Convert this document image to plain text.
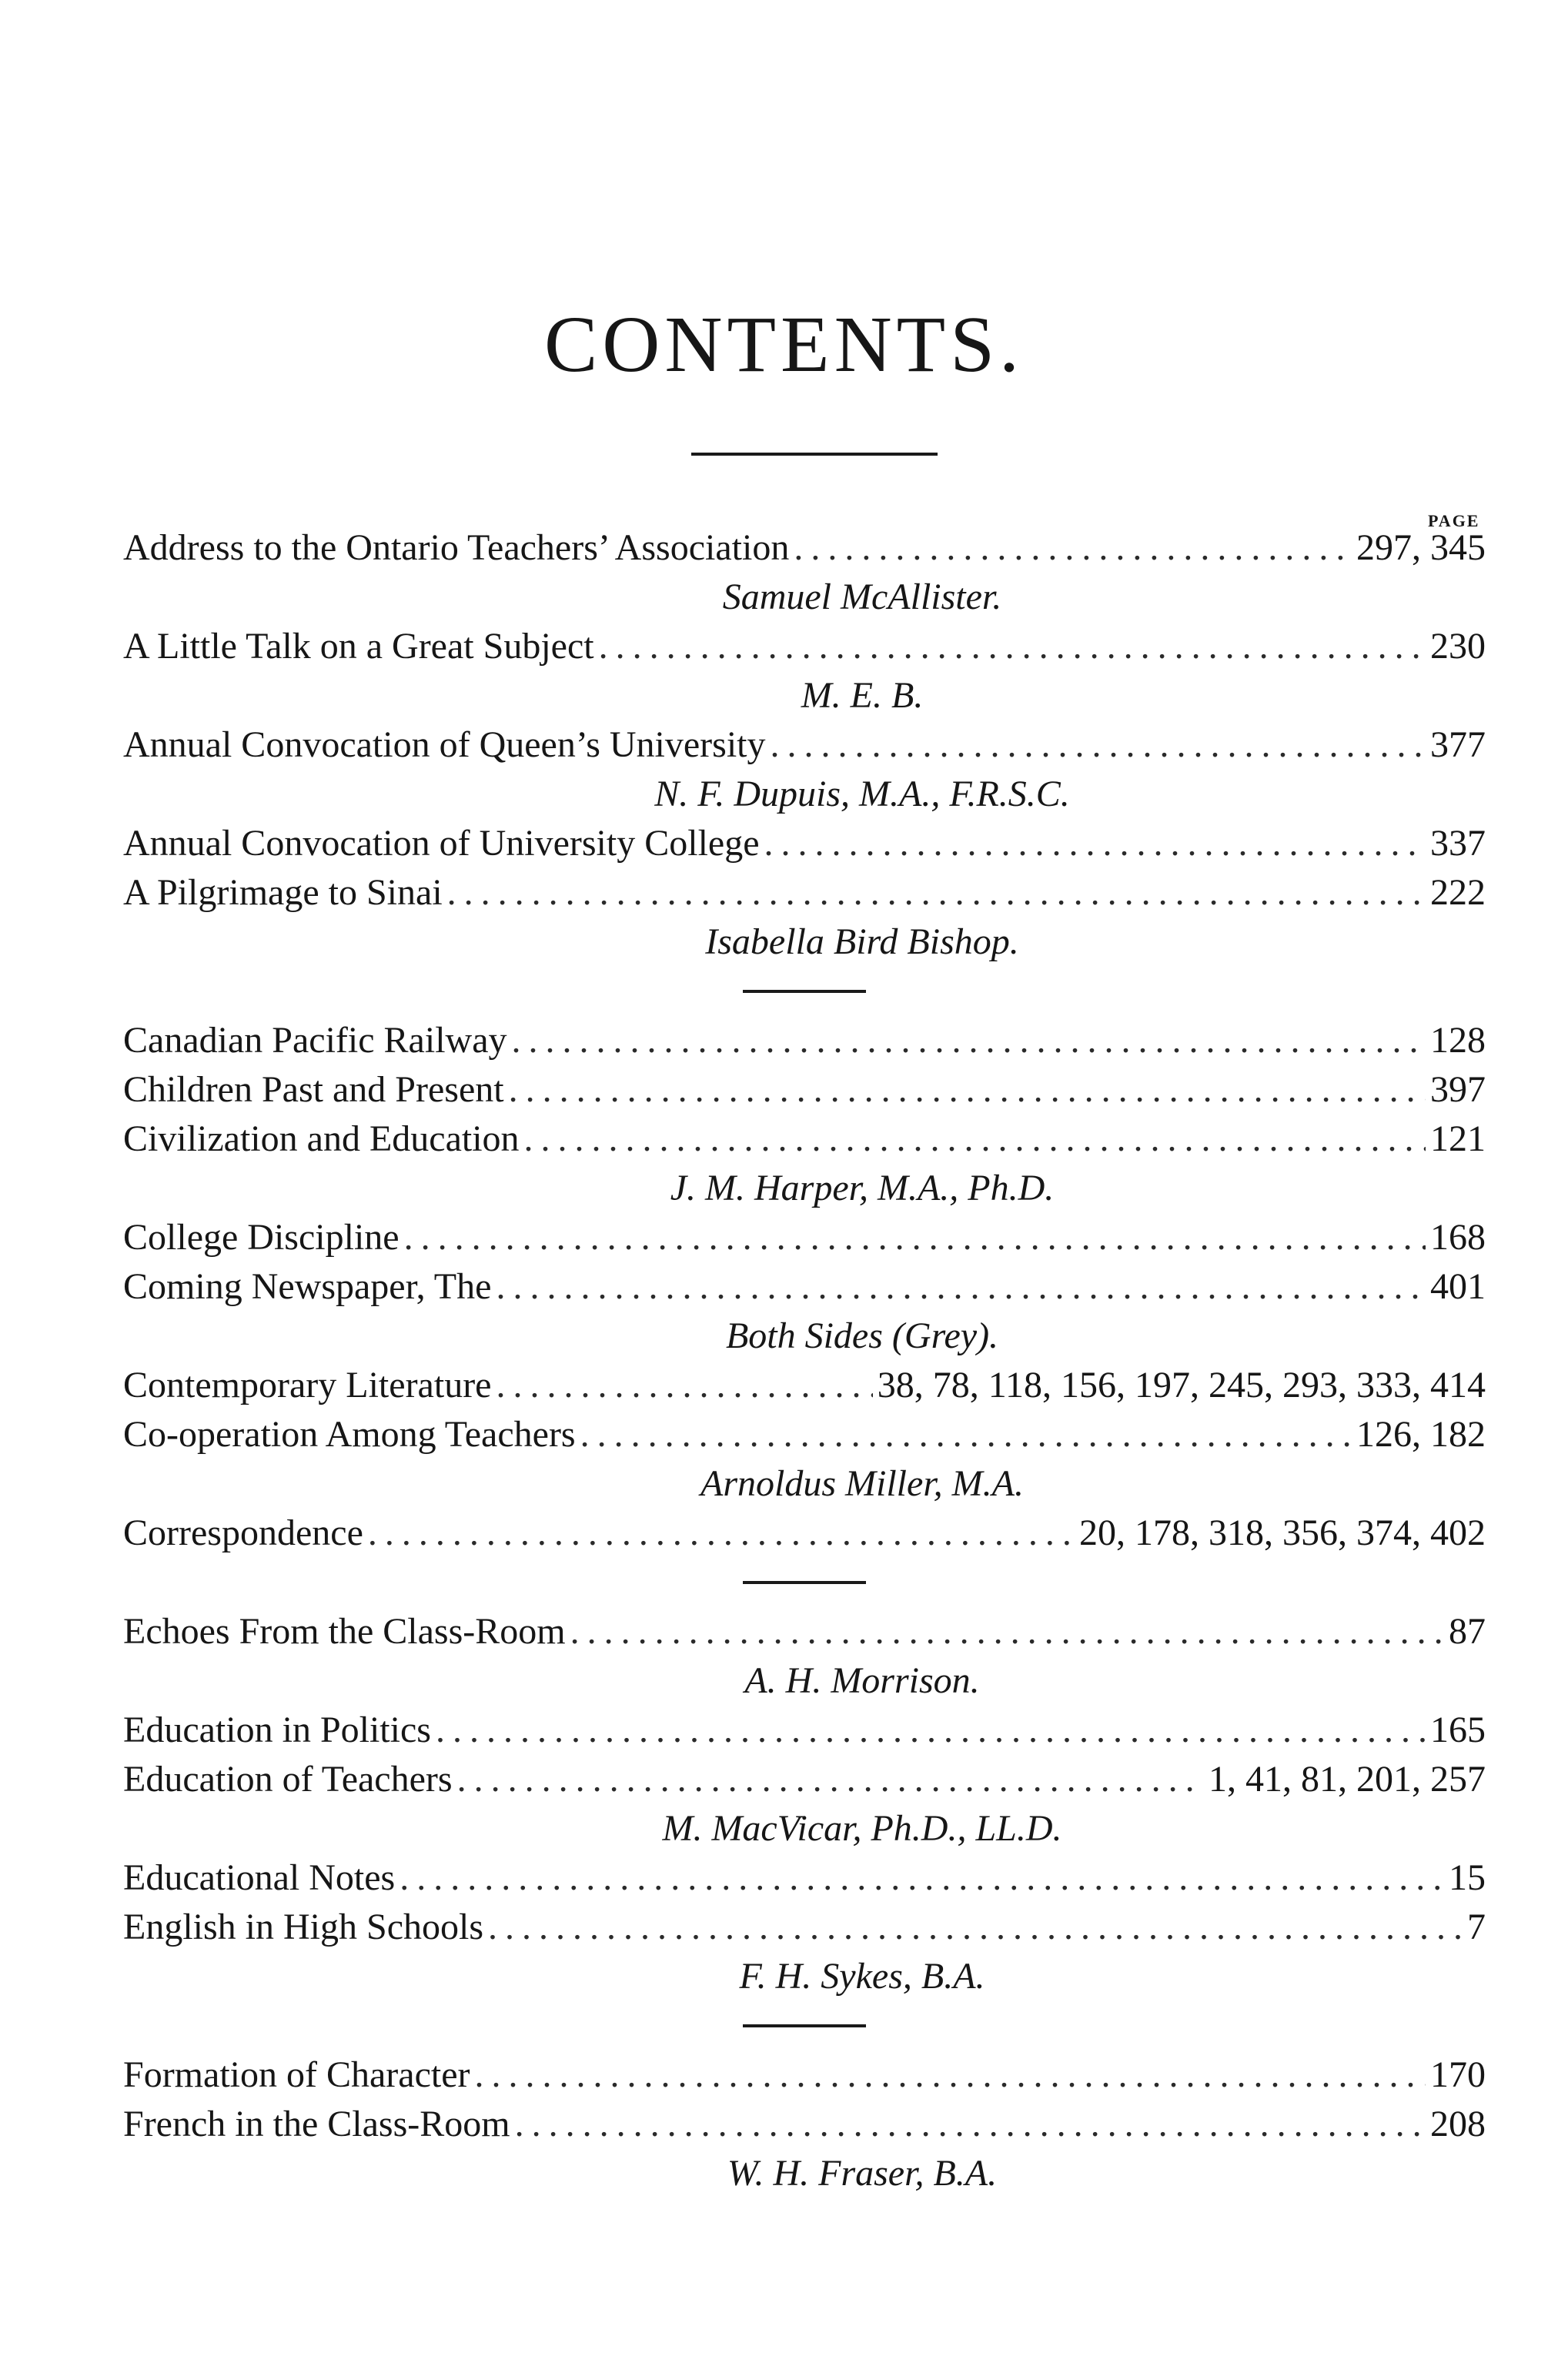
CONTENTS.
PAGE
Address to the Ontario Teachers’ Association .....	297, 345
Samuel McAllister.
A Little Talk on a Great Subject .....	230
M. E. B.
Annual Convocation of Queen’s University .....	377
N. F. Dupuis, M.A., F.R.S.C.
Annual Convocation of University College .....	337
A Pilgrimage to Sinai .....	222
Isabella Bird Bishop.
Canadian Pacific Railway .....	128
Children Past and Present .....	397
Civilization and Education .....	121
J. M. Harper, M.A., Ph.D.
College Discipline .....	168
Coming Newspaper, The .....	401
Both Sides (Grey).
Contemporary Literature .....	38, 78, 118, 156, 197, 245, 293, 333, 414
Co-operation Among Teachers .....	126, 182
Arnoldus Miller, M.A.
Correspondence .....	20, 178, 318, 356, 374, 402
Echoes From the Class-Room .....	87
A. H. Morrison.
Education in Politics .....	165
Education of Teachers .....	1, 41, 81, 201, 257
M. MacVicar, Ph.D., LL.D.
Educational Notes .....	15
English in High Schools .....	7
F. H. Sykes, B.A.
Formation of Character .....	170
French in the Class-Room .....	208
W. H. Fraser, B.A.
